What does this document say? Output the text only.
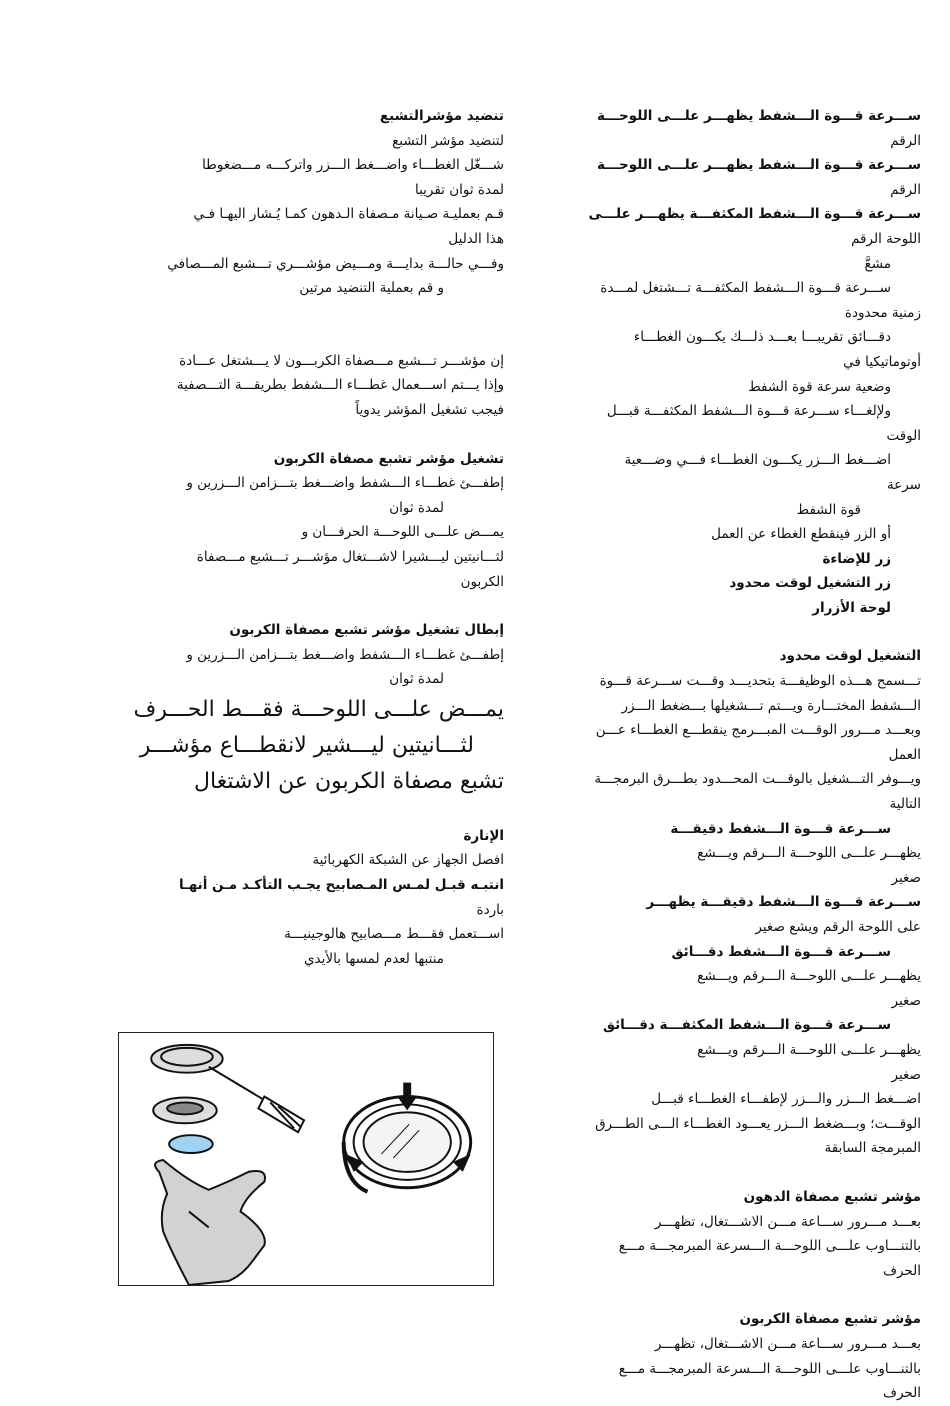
ســـرعة قـــوة الـــشفط يظهـــر علـــى اللوحـــة

الرقم

ســـرعة قـــوة الـــشفط يظهـــر علـــى اللوحـــة

الرقم

ســـرعة قـــوة الـــشفط المكثفـــة يظهـــر علـــى

اللوحة الرقم

مشعَّ

ســـرعة قـــوة الـــشفط المكثفـــة تـــشتغل لمـــدة

زمنية محدودة

دقـــائق تقريبـــا بعـــد ذلـــك يكـــون الغطـــاء

أوتوماتيكيا في

وضعية سرعة قوة الشفط

ولإلغـــاء ســـرعة قـــوة الـــشفط المكثفـــة قبـــل

الوقت

اضـــغط الـــزر يكـــون الغطـــاء فـــي وضـــعية

سرعة

قوة الشفط

أو الزر فينقطع الغطاء عن العمل

زر للإضاءة

زر التشغيل لوقت محدود

لوحة الأزرار

التشغيل لوقت محدود

تـــسمح هـــذه الوظيفـــة بتحديـــد وقـــت ســـرعة قـــوة

الـــشفط المختـــارة ويـــتم تـــشغيلها بـــضغط الـــزر

وبعـــد مـــرور الوقـــت المبـــرمج ينقطـــع الغطـــاء عـــن

العمل

ويـــوفر التـــشغيل بالوقـــت المحـــدود بطـــرق البرمجـــة

التالية

ســـرعة قـــوة الـــشفط دقيقـــة

يظهـــر علـــى اللوحـــة الـــرقم ويـــشع

صغير

ســـرعة قـــوة الـــشفط دقيقـــة يظهـــر

على اللوحة الرقم ويشع صغير

ســـرعة قـــوة الـــشفط دقـــائق

يظهـــر علـــى اللوحـــة الـــرقم ويـــشع

صغير

ســـرعة قـــوة الـــشفط المكثفـــة دقـــائق

يظهـــر علـــى اللوحـــة الـــرقم ويـــشع

صغير

اضـــغط الـــزر والـــزر لإطفـــاء الغطـــاء قبـــل

الوقـــت؛ وبـــضغط الـــزر يعـــود الغطـــاء الـــى الطـــرق

المبرمجة السابقة

مؤشر تشبع مصفاة الدهون

بعـــد مـــرور ســـاعة مـــن الاشـــتغال، تظهـــر

بالتنـــاوب علـــى اللوحـــة الـــسرعة المبرمجـــة مـــع

الحرف

مؤشر تشبع مصفاة الكربون

بعـــد مـــرور ســـاعة مـــن الاشـــتغال، تظهـــر

بالتنـــاوب علـــى اللوحـــة الـــسرعة المبرمجـــة مـــع

الحرف

تنضيد مؤشرالتشبع

لتنضيد مؤشر التشبع

شـــغّل الغطـــاء واضـــغط الـــزر واتركـــه مـــضغوطا

لمدة ثوان تقريبا

قـم بعمليـة صـيانة مـصفاة الـدهون كمـا يُـشار اليهـا فـي

هذا الدليل

وفـــي حالـــة بدايـــة ومـــيض مؤشـــري تـــشبع المـــصافي

و قم بعملية التنضيد مرتين

إن مؤشـــر تـــشبع مـــصفاة الكربـــون لا يـــشتغل عـــادة

وإذا يـــتم اســـعمال غطـــاء الـــشفط بطريقـــة التـــصفية

فيجب تشغيل المؤشر يدوياً

تشغيل مؤشر تشبع مصفاة الكربون

إطفـــئ غطـــاء الـــشفط واضـــغط بتـــزامن الـــزرين و

لمدة ثوان

يمـــض علـــى اللوحـــة الحرفـــان و

لثـــانيتين ليـــشيرا لاشـــتغال مؤشـــر تـــشبع مـــصفاة

الكربون

إبطال تشغيل مؤشر تشبع مصفاة الكربون

إطفـــئ غطـــاء الـــشفط واضـــغط بتـــزامن الـــزرين و

لمدة ثوان

يمـــض علـــى اللوحـــة فقـــط الحـــرف

لثـــانيتين ليـــشير لانقطـــاع مؤشـــر

تشبع مصفاة الكربون عن الاشتغال

الإنارة

افصل الجهاز عن الشبكة الكهربائية

انتبـه قبـل لمـس المـصابيح يجـب التأكـد مـن أنهـا

باردة

اســـتعمل فقـــط مـــصابيح هالوجينيـــة

منتبها لعدم لمسها بالأيدي
